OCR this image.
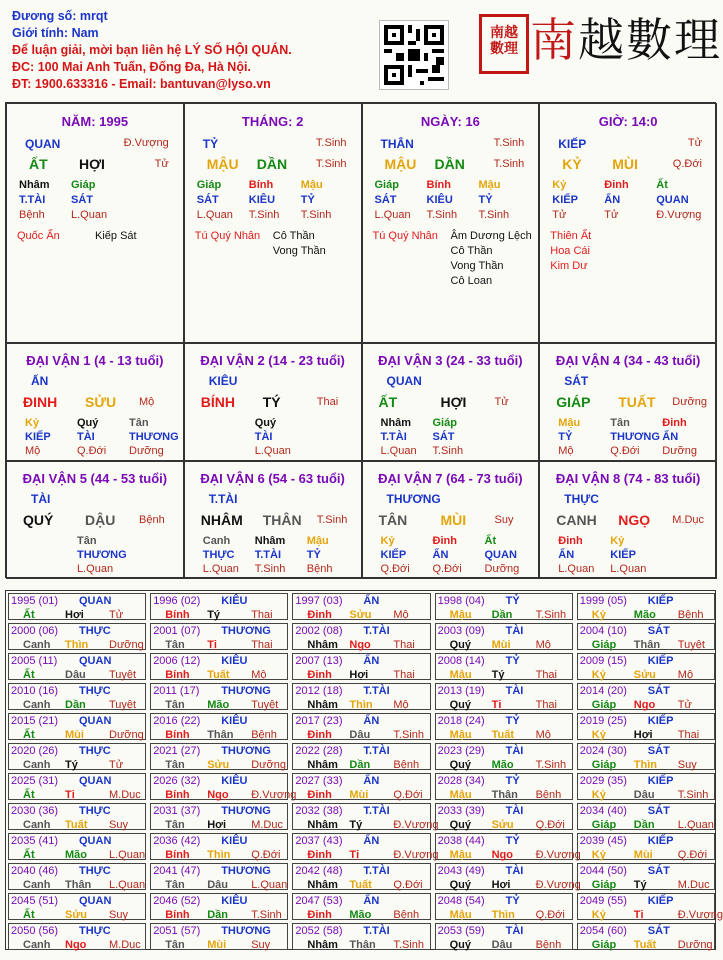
Đương số: mrqt
Giới tính: Nam
Để luận giải, mời bạn liên hệ LÝ SỐ HỘI QUÁN.
ĐC: 100 Mai Anh Tuấn, Đống Đa, Hà Nội.
ĐT: 1900.633316 - Email: bantuvan@lyso.vn
南越
數理 南越數理
NĂM: 1995
QUAN	Đ.Vượng
ẤT HỢI	Tử
Nhâm Giáp
T.TÀI SÁT
Bệnh L.Quan
Quốc Ấn	Kiếp Sát
THÁNG: 2
TỶ	T.Sinh
MẬU DẦN	T.Sinh
Giáp	Bính	Mậu
SÁT	KIÊU TỶ
L.Quan T.Sinh T.Sinh
Tú Quý Nhân Cô Thần
Vong Thần
NGÀY: 16
THÂN	T.Sinh
MẬU DẦN	T.Sinh
Giáp	Bính	Mậu
SÁT	KIÊU TỶ
L.Quan T.Sinh T.Sinh
Tú Quý Nhân Âm Dương Lệch
Cô Thần
Vong Thần
Cô Loan
GIỜ: 14:0
KIẾP	Tử
KỶ MÙI	Q.Đới
Kỷ	Đinh	Ất
KIẾP ẤN	QUAN
Tử	Tử	Đ.Vượng
Thiên Ất
Hoa Cái
Kim Dư
ĐẠI VẬN 1 (4 - 13 tuổi)
ẤN
ĐINH SỬU Mộ
Kỷ	Quý	Tân
KIẾP TÀI	THƯƠNG
Mộ	Q.Đới Dưỡng
ĐẠI VẬN 2 (14 - 23 tuổi)
KIÊU
BÍNH TÝ	Thai
Quý
TÀI
L.Quan
ĐẠI VẬN 3 (24 - 33 tuổi)
QUAN
ẤT	HỢI	Tử
Nhâm Giáp
T.TÀI SÁT
L.Quan T.Sinh
ĐẠI VẬN 4 (34 - 43 tuổi)
SÁT
GIÁP TUẤT Dưỡng
Mậu	Tân	Đinh
TỶ	THƯƠNG ẤN
Mộ	Q.Đới Dưỡng
ĐẠI VẬN 5 (44 - 53 tuổi)
TÀI
QUÝ DẬU Bệnh
Tân
THƯƠNG
L.Quan
ĐẠI VẬN 6 (54 - 63 tuổi)
T.TÀI
NHÂM THÂN T.Sinh
Canh Nhâm Mậu
THỰC T.TÀI TỶ
L.Quan T.Sinh Bệnh
ĐẠI VẬN 7 (64 - 73 tuổi)
THƯƠNG
TÂN MÙI	Suy
Kỷ	Đinh	Ất
KIẾP ẤN	QUAN
Q.Đới Q.Đới Dưỡng
ĐẠI VẬN 8 (74 - 83 tuổi)
THỰC
CANH NGỌ M.Dục
Đinh	Kỷ
ẤN	KIẾP
L.Quan L.Quan
1995 (01) QUAN
Ất	Hợi Tử
1996 (02) KIÊU
Bính Tý	Thai
1997 (03) ẤN
Đinh Sửu Mộ
1998 (04) TỶ
Mậu Dần T.Sinh
1999 (05) KIẾP
Kỷ	Mão Bệnh
2000 (06) THỰC
Canh Thìn Dưỡng
2001 (07) THƯƠNG
Tân Tị	Thai
2002 (08) T.TÀI
Nhâm Ngọ Thai
2003 (09) TÀI
Quý Mùi Mộ
2004 (10) SÁT
Giáp Thân Tuyệt
2005 (11) QUAN
Ất	Dậu Tuyệt
2006 (12) KIÊU
Bính Tuất Mộ
2007 (13) ẤN
Đinh Hợi Thai
2008 (14) TỶ
Mậu Tý	Thai
2009 (15) KIẾP
Kỷ	Sửu Mộ
2010 (16) THỰC
Canh Dần Tuyệt
2011 (17) THƯƠNG
Tân Mão Tuyệt
2012 (18) T.TÀI
Nhâm Thìn Mộ
2013 (19) TÀI
Quý Tị	Thai
2014 (20) SÁT
Giáp Ngọ Tử
2015 (21) QUAN
Ất	Mùi Dưỡng
2016 (22) KIÊU
Bính Thân Bệnh
2017 (23) ẤN
Đinh Dậu T.Sinh
2018 (24) TỶ
Mậu Tuất Mộ
2019 (25) KIẾP
Kỷ	Hợi Thai
2020 (26) THỰC
Canh Tý	Tử
2021 (27) THƯƠNG
Tân Sửu Dưỡng
2022 (28) T.TÀI
Nhâm Dần Bệnh
2023 (29) TÀI
Quý Mão T.Sinh
2024 (30) SÁT
Giáp Thìn Suy
2025 (31) QUAN
Ất	Tị	M.Dục
2026 (32) KIÊU
Bính Ngọ Đ.Vượng
2027 (33) ẤN
Đinh Mùi Q.Đới
2028 (34) TỶ
Mậu Thân Bệnh
2029 (35) KIẾP
Kỷ	Dậu T.Sinh
2030 (36) THỰC
Canh Tuất Suy
2031 (37) THƯƠNG
Tân Hợi M.Dục
2032 (38) T.TÀI
Nhâm Tý	Đ.Vượng
2033 (39) TÀI
Quý Sửu Q.Đới
2034 (40) SÁT
Giáp Dần L.Quan
2035 (41) QUAN
Ất	Mão L.Quan
2036 (42) KIÊU
Bính Thìn Q.Đới
2037 (43) ẤN
Đinh Tị	Đ.Vượng
2038 (44) TỶ
Mậu Ngọ Đ.Vượng
2039 (45) KIẾP
Kỷ	Mùi Q.Đới
2040 (46) THỰC
Canh Thân L.Quan
2041 (47) THƯƠNG
Tân Dậu L.Quan
2042 (48) T.TÀI
Nhâm Tuất Q.Đới
2043 (49) TÀI
Quý Hợi Đ.Vượng
2044 (50) SÁT
Giáp Tý	M.Dục
2045 (51) QUAN
Ất	Sửu Suy
2046 (52) KIÊU
Bính Dần T.Sinh
2047 (53) ẤN
Đinh Mão Bệnh
2048 (54) TỶ
Mậu Thìn Q.Đới
2049 (55) KIẾP
Kỷ	Tị	Đ.Vượng
2050 (56) THỰC
Canh Ngọ M.Dục
2051 (57) THƯƠNG
Tân Mùi Suy
2052 (58) T.TÀI
Nhâm Thân T.Sinh
2053 (59) TÀI
Quý Dậu Bệnh
2054 (60) SÁT
Giáp Tuất Dưỡng
